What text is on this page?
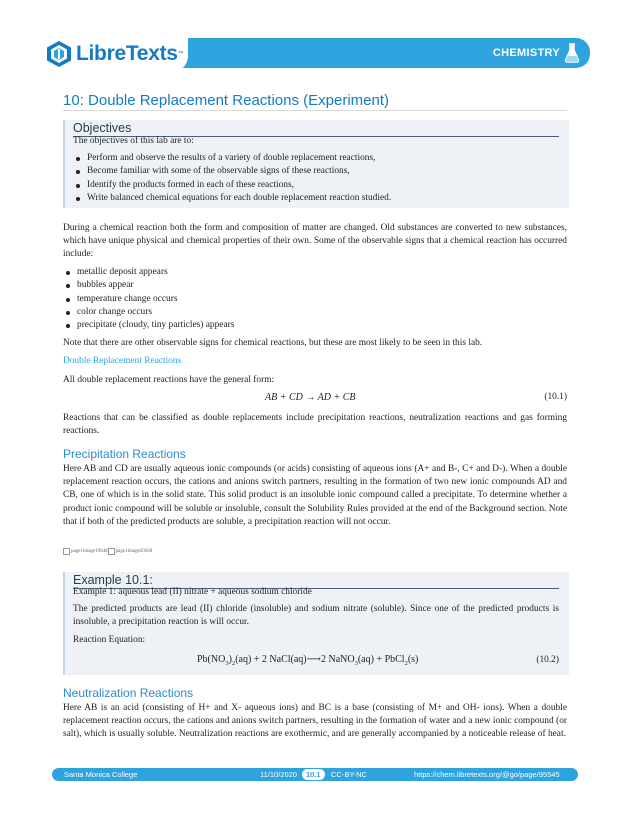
CHEMISTRY
LibreTexts ™
10: Double Replacement Reactions (Experiment)
Objectives

The objectives of this lab are to:

Perform and observe the results of a variety of double replacement reactions,
Become familiar with some of the observable signs of these reactions,
Identify the products formed in each of these reactions,
Write balanced chemical equations for each double replacement reaction studied.

During a chemical reaction both the form and composition of matter are changed. Old substances are converted to new substances, which have unique physical and chemical properties of their own. Some of the observable signs that a chemical reaction has occurred include:

metallic deposit appears
bubbles appear
temperature change occurs
color change occurs
precipitate (cloudy, tiny particles) appears

Note that there are other observable signs for chemical reactions, but these are most likely to be seen in this lab.

Double Replacement Reactions

All double replacement reactions have the general form:

AB + CD → AD + CB	(10.1)

Reactions that can be classified as double replacements include precipitation reactions, neutralization reactions and gas forming reactions.

Precipitation Reactions

Here AB and CD are usually aqueous ionic compounds (or acids) consisting of aqueous ions (A+ and B-, C+ and D-). When a double replacement reaction occurs, the cations and anions switch partners, resulting in the formation of two new ionic compounds AD and CB, one of which is in the solid state. This solid product is an insoluble ionic compound called a precipitate. To determine whether a product ionic compound will be soluble or insoluble, consult the Solubility Rules provided at the end of the Background section. Note that if both of the predicted products are soluble, a precipitation reaction will not occur.

page1image19648 page1image20568
Example 10.1:

Example 1: aqueous lead (II) nitrate + aqueous sodium chloride

The predicted products are lead (II) chloride (insoluble) and sodium nitrate (soluble). Since one of the predicted products is insoluble, a precipitation reaction is will occur.

Reaction Equation:

$Pb(NO_3)_2(aq) + 2$ NaCl(aq)⟶2 NaNO$_3$(aq) + PbCl$_2$(s)	(10.2)
Neutralization Reactions

Here AB is an acid (consisting of H+ and X- aqueous ions) and BC is a base (consisting of M+ and OH- ions). When a double replacement reaction occurs, the cations and anions switch partners, resulting in the formation of water and a new ionic compound (or salt), which is usually soluble. Neutralization reactions are exothermic, and are generally accompanied by a noticeable release of heat.

Santa Monica College	11/10/2020	10.1	CC-BY-NC	https://chem.libretexts.org/@go/page/95545
